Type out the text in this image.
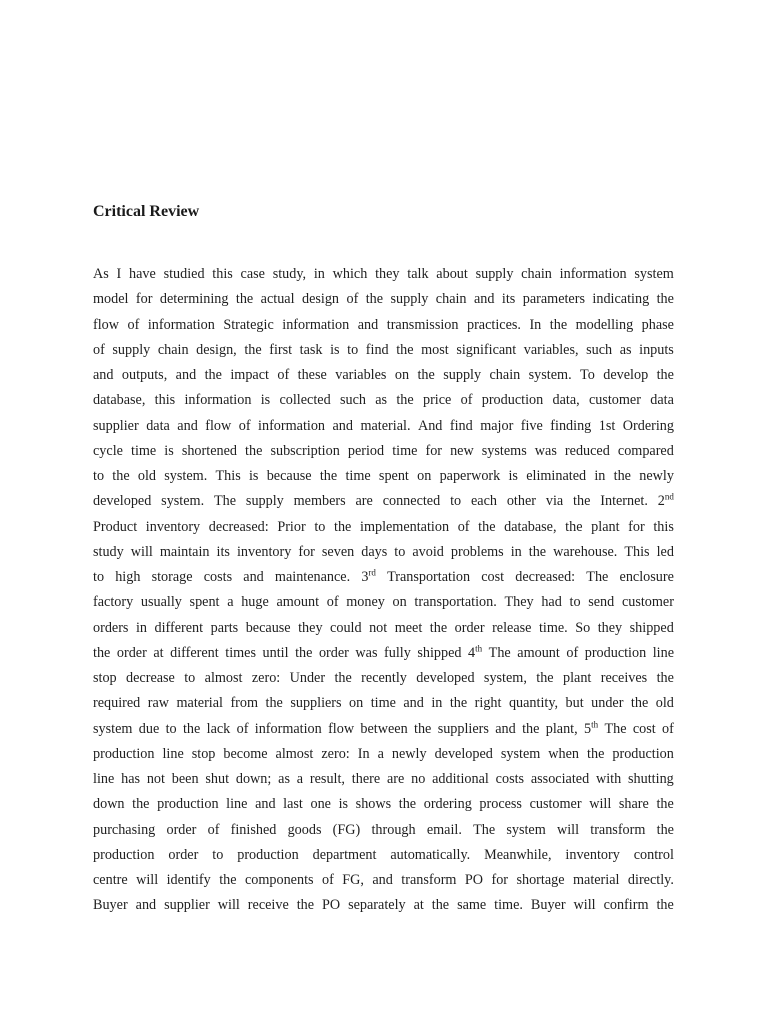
Critical Review
As I have studied this case study, in which they talk about supply chain information system
model for determining the actual design of the supply chain and its parameters indicating the
flow of information Strategic information and transmission practices. In the modelling phase
of supply chain design, the first task is to find the most significant variables, such as inputs
and outputs, and the impact of these variables on the supply chain system. To develop the
database, this information is collected such as the price of production data, customer data
supplier data and flow of information and material. And find major five finding 1st Ordering
cycle time is shortened the subscription period time for new systems was reduced compared
to the old system. This is because the time spent on paperwork is eliminated in the newly
developed system. The supply members are connected to each other via the Internet. 2nd
Product inventory decreased: Prior to the implementation of the database, the plant for this
study will maintain its inventory for seven days to avoid problems in the warehouse. This led
to high storage costs and maintenance. 3rd Transportation cost decreased: The enclosure
factory usually spent a huge amount of money on transportation. They had to send customer
orders in different parts because they could not meet the order release time. So they shipped
the order at different times until the order was fully shipped 4th The amount of production line
stop decrease to almost zero: Under the recently developed system, the plant receives the
required raw material from the suppliers on time and in the right quantity, but under the old
system due to the lack of information flow between the suppliers and the plant, 5th The cost of
production line stop become almost zero: In a newly developed system when the production
line has not been shut down; as a result, there are no additional costs associated with shutting
down the production line and last one is shows the ordering process customer will share the
purchasing order of finished goods (FG) through email. The system will transform the
production order to production department automatically. Meanwhile, inventory control
centre will identify the components of FG, and transform PO for shortage material directly.
Buyer and supplier will receive the PO separately at the same time. Buyer will confirm the
